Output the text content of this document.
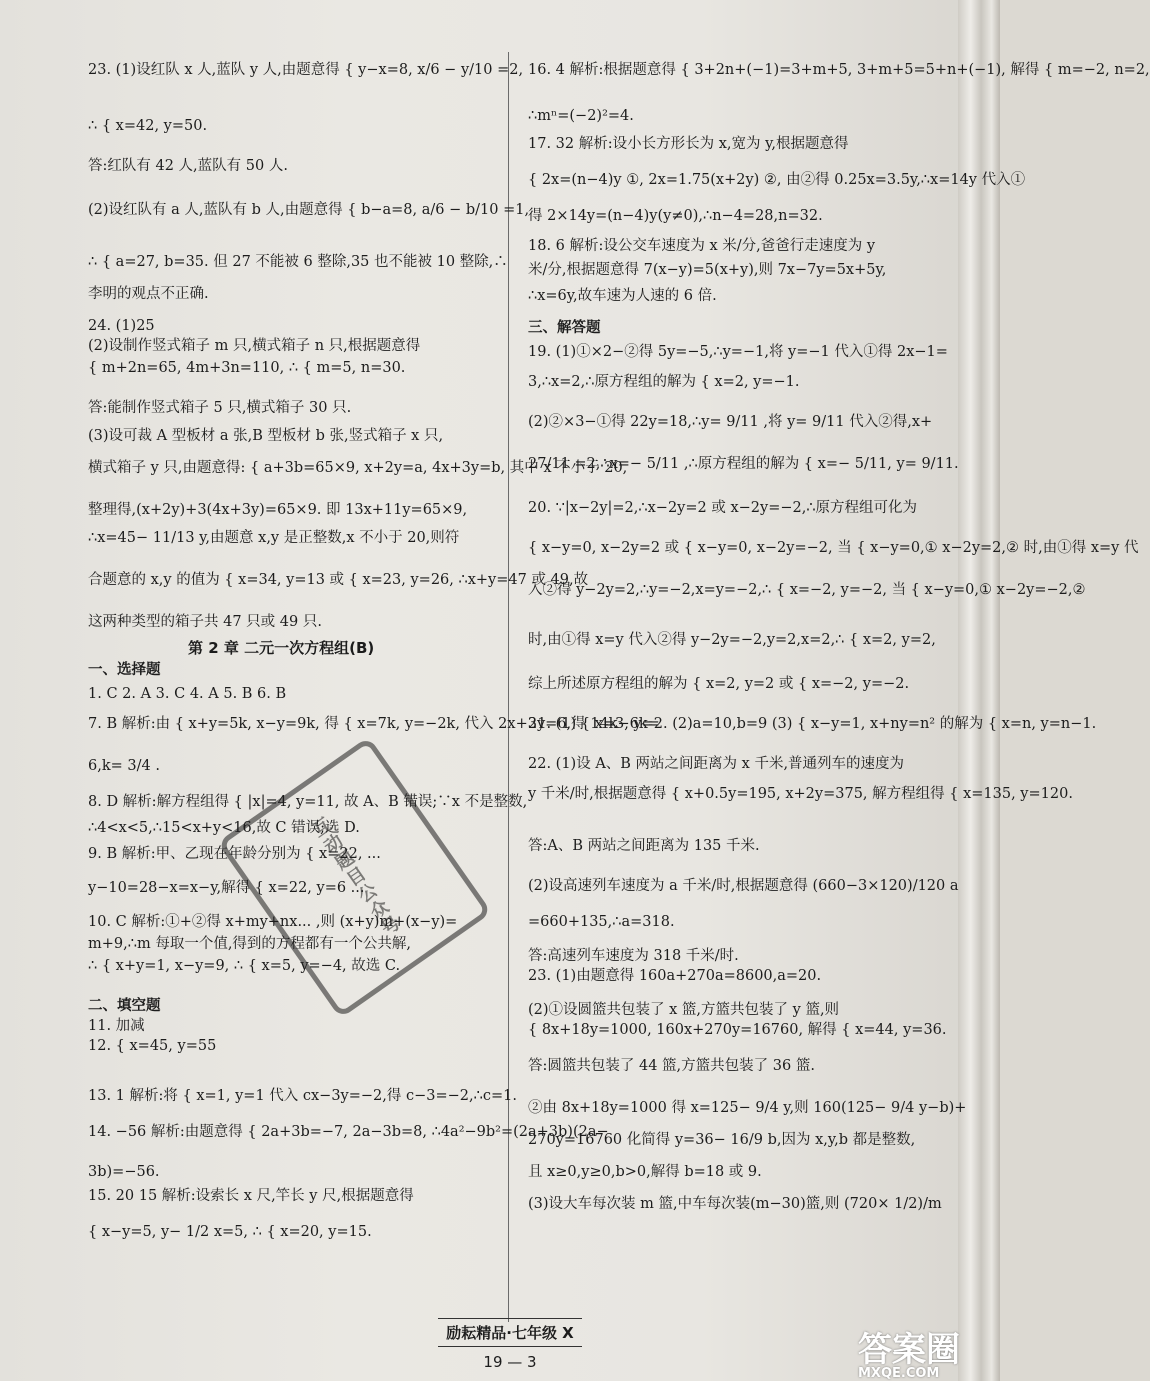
23. (1)设红队 x 人,蓝队 y 人,由题意得 { y−x=8, x/6 − y/10 =2,
∴ { x=42, y=50.
答:红队有 42 人,蓝队有 50 人.
(2)设红队有 a 人,蓝队有 b 人,由题意得 { b−a=8, a/6 − b/10 =1,
∴ { a=27, b=35. 但 27 不能被 6 整除,35 也不能被 10 整除,∴
李明的观点不正确.
24. (1)25
(2)设制作竖式箱子 m 只,横式箱子 n 只,根据题意得
{ m+2n=65, 4m+3n=110, ∴ { m=5, n=30.
答:能制作竖式箱子 5 只,横式箱子 30 只.
(3)设可裁 A 型板材 a 张,B 型板材 b 张,竖式箱子 x 只,
横式箱子 y 只,由题意得: { a+3b=65×9, x+2y=a, 4x+3y=b, 其中 x 不小于 20,
整理得,(x+2y)+3(4x+3y)=65×9. 即 13x+11y=65×9,
∴x=45− 11/13 y,由题意 x,y 是正整数,x 不小于 20,则符
合题意的 x,y 的值为 { x=34, y=13 或 { x=23, y=26, ∴x+y=47 或 49,故
这两种类型的箱子共 47 只或 49 只.
第 2 章 二元一次方程组(B)
一、选择题
1. C 2. A 3. C 4. A 5. B 6. B
7. B 解析:由 { x+y=5k, x−y=9k, 得 { x=7k, y=−2k, 代入 2x+3y=6,得 14k−6k=
6,k= 3/4 .
8. D 解析:解方程组得 { |x|=4, y=11, 故 A、B 错误;∵x 不是整数,
∴4<x<5,∴15<x+y<16,故 C 错误;选 D.
9. B 解析:甲、乙现在年龄分别为 { x=22, ...
y−10=28−x=x−y,解得 { x=22, y=6 ...
10. C 解析:①+②得 x+my+nx... ,则 (x+y)m+(x−y)=
m+9,∴m 每取一个值,得到的方程都有一个公共解,
∴ { x+y=1, x−y=9, ∴ { x=5, y=−4, 故选 C.
二、填空题
11. 加减
12. { x=45, y=55
13. 1 解析:将 { x=1, y=1 代入 cx−3y=−2,得 c−3=−2,∴c=1.
14. −56 解析:由题意得 { 2a+3b=−7, 2a−3b=8, ∴4a²−9b²=(2a+3b)(2a−
3b)=−56.
15. 20 15 解析:设索长 x 尺,竿长 y 尺,根据题意得
{ x−y=5, y− 1/2 x=5, ∴ { x=20, y=15.
16. 4 解析:根据题意得 { 3+2n+(−1)=3+m+5, 3+m+5=5+n+(−1), 解得 { m=−2, n=2,
∴mⁿ=(−2)²=4.
17. 32 解析:设小长方形长为 x,宽为 y,根据题意得
{ 2x=(n−4)y ①, 2x=1.75(x+2y) ②, 由②得 0.25x=3.5y,∴x=14y 代入①
得 2×14y=(n−4)y(y≠0),∴n−4=28,n=32.
18. 6 解析:设公交车速度为 x 米/分,爸爸行走速度为 y
米/分,根据题意得 7(x−y)=5(x+y),则 7x−7y=5x+5y,
∴x=6y,故车速为人速的 6 倍.
三、解答题
19. (1)①×2−②得 5y=−5,∴y=−1,将 y=−1 代入①得 2x−1=
3,∴x=2,∴原方程组的解为 { x=2, y=−1.
(2)②×3−①得 22y=18,∴y= 9/11 ,将 y= 9/11 代入②得,x+
27/11 =2,∴x=− 5/11 ,∴原方程组的解为 { x=− 5/11, y= 9/11.
20. ∵|x−2y|=2,∴x−2y=2 或 x−2y=−2,∴原方程组可化为
{ x−y=0, x−2y=2 或 { x−y=0, x−2y=−2, 当 { x−y=0,① x−2y=2,② 时,由①得 x=y 代
入②得 y−2y=2,∴y=−2,x=y=−2,∴ { x=−2, y=−2, 当 { x−y=0,① x−2y=−2,②
时,由①得 x=y 代入②得 y−2y=−2,y=2,x=2,∴ { x=2, y=2,
综上所述原方程组的解为 { x=2, y=2 或 { x=−2, y=−2.
21. (1) { x=3, y=2. (2)a=10,b=9 (3) { x−y=1, x+ny=n² 的解为 { x=n, y=n−1.
22. (1)设 A、B 两站之间距离为 x 千米,普通列车的速度为
y 千米/时,根据题意得 { x+0.5y=195, x+2y=375, 解方程组得 { x=135, y=120.
答:A、B 两站之间距离为 135 千米.
(2)设高速列车速度为 a 千米/时,根据题意得 (660−3×120)/120 a
=660+135,∴a=318.
答:高速列车速度为 318 千米/时.
23. (1)由题意得 160a+270a=8600,a=20.
(2)①设圆篮共包装了 x 篮,方篮共包装了 y 篮,则
{ 8x+18y=1000, 160x+270y=16760, 解得 { x=44, y=36.
答:圆篮共包装了 44 篮,方篮共包装了 36 篮.
②由 8x+18y=1000 得 x=125− 9/4 y,则 160(125− 9/4 y−b)+
270y=16760 化简得 y=36− 16/9 b,因为 x,y,b 都是整数,
且 x≥0,y≥0,b>0,解得 b=18 或 9.
(3)设大车每次装 m 篮,中车每次装(m−30)篮,则 (720× 1/2)/m
互动题目公众号
励耘精品·七年级 X
19 — 3	答案圈
MXQE.COM
